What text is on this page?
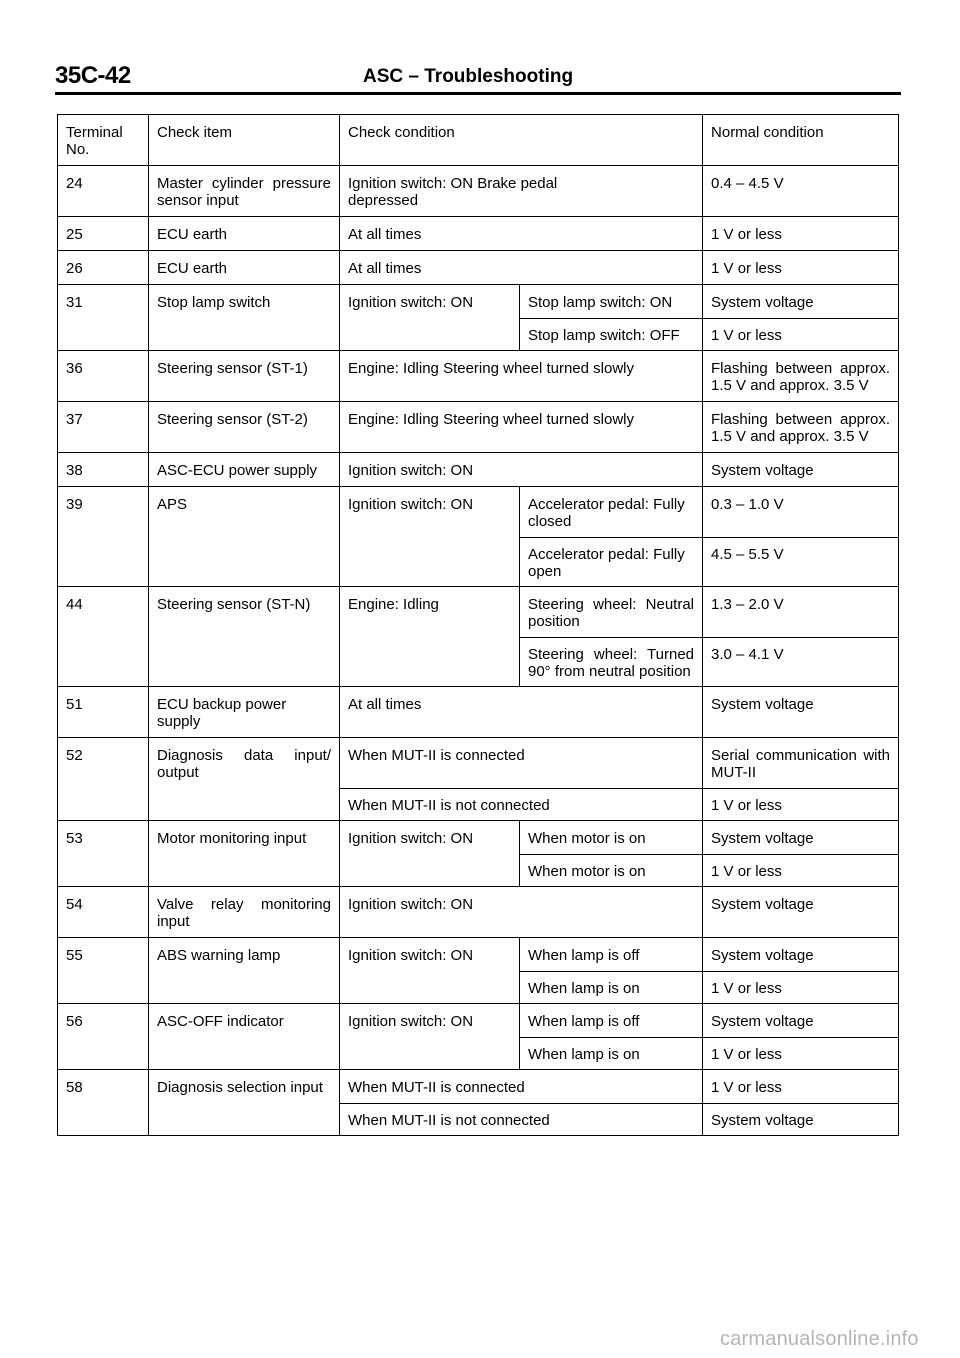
35C-42	ASC – Troubleshooting
Terminal No.	Check item	Check condition		Normal condition
24	Master cylinder pressure sensor input	Ignition switch: ON Brake pedal depressed		0.4 – 4.5 V
25	ECU earth	At all times		1 V or less
26	ECU earth	At all times		1 V or less
31	Stop lamp switch	Ignition switch: ON	Stop lamp switch: ON	System voltage
			Stop lamp switch: OFF	1 V or less
36	Steering sensor (ST-1)	Engine: Idling Steering wheel turned slowly		Flashing between approx. 1.5 V and approx. 3.5 V
37	Steering sensor (ST-2)	Engine: Idling Steering wheel turned slowly		Flashing between approx. 1.5 V and approx. 3.5 V
38	ASC-ECU power supply	Ignition switch: ON		System voltage
39	APS	Ignition switch: ON	Accelerator pedal: Fully closed	0.3 – 1.0 V
			Accelerator pedal: Fully open	4.5 – 5.5 V
44	Steering sensor (ST-N)	Engine: Idling	Steering wheel: Neutral position	1.3 – 2.0 V
			Steering wheel: Turned 90° from neutral position	3.0 – 4.1 V
51	ECU backup power supply	At all times		System voltage
52	Diagnosis data input/ output	When MUT-II is connected		Serial communication with MUT-II
		When MUT-II is not connected		1 V or less
53	Motor monitoring input	Ignition switch: ON	When motor is on	System voltage
			When motor is on	1 V or less
54	Valve relay monitoring input	Ignition switch: ON		System voltage
55	ABS warning lamp	Ignition switch: ON	When lamp is off	System voltage
			When lamp is on	1 V or less
56	ASC-OFF indicator	Ignition switch: ON	When lamp is off	System voltage
			When lamp is on	1 V or less
58	Diagnosis selection input	When MUT-II is connected		1 V or less
		When MUT-II is not connected		System voltage
carmanualsonline.info
